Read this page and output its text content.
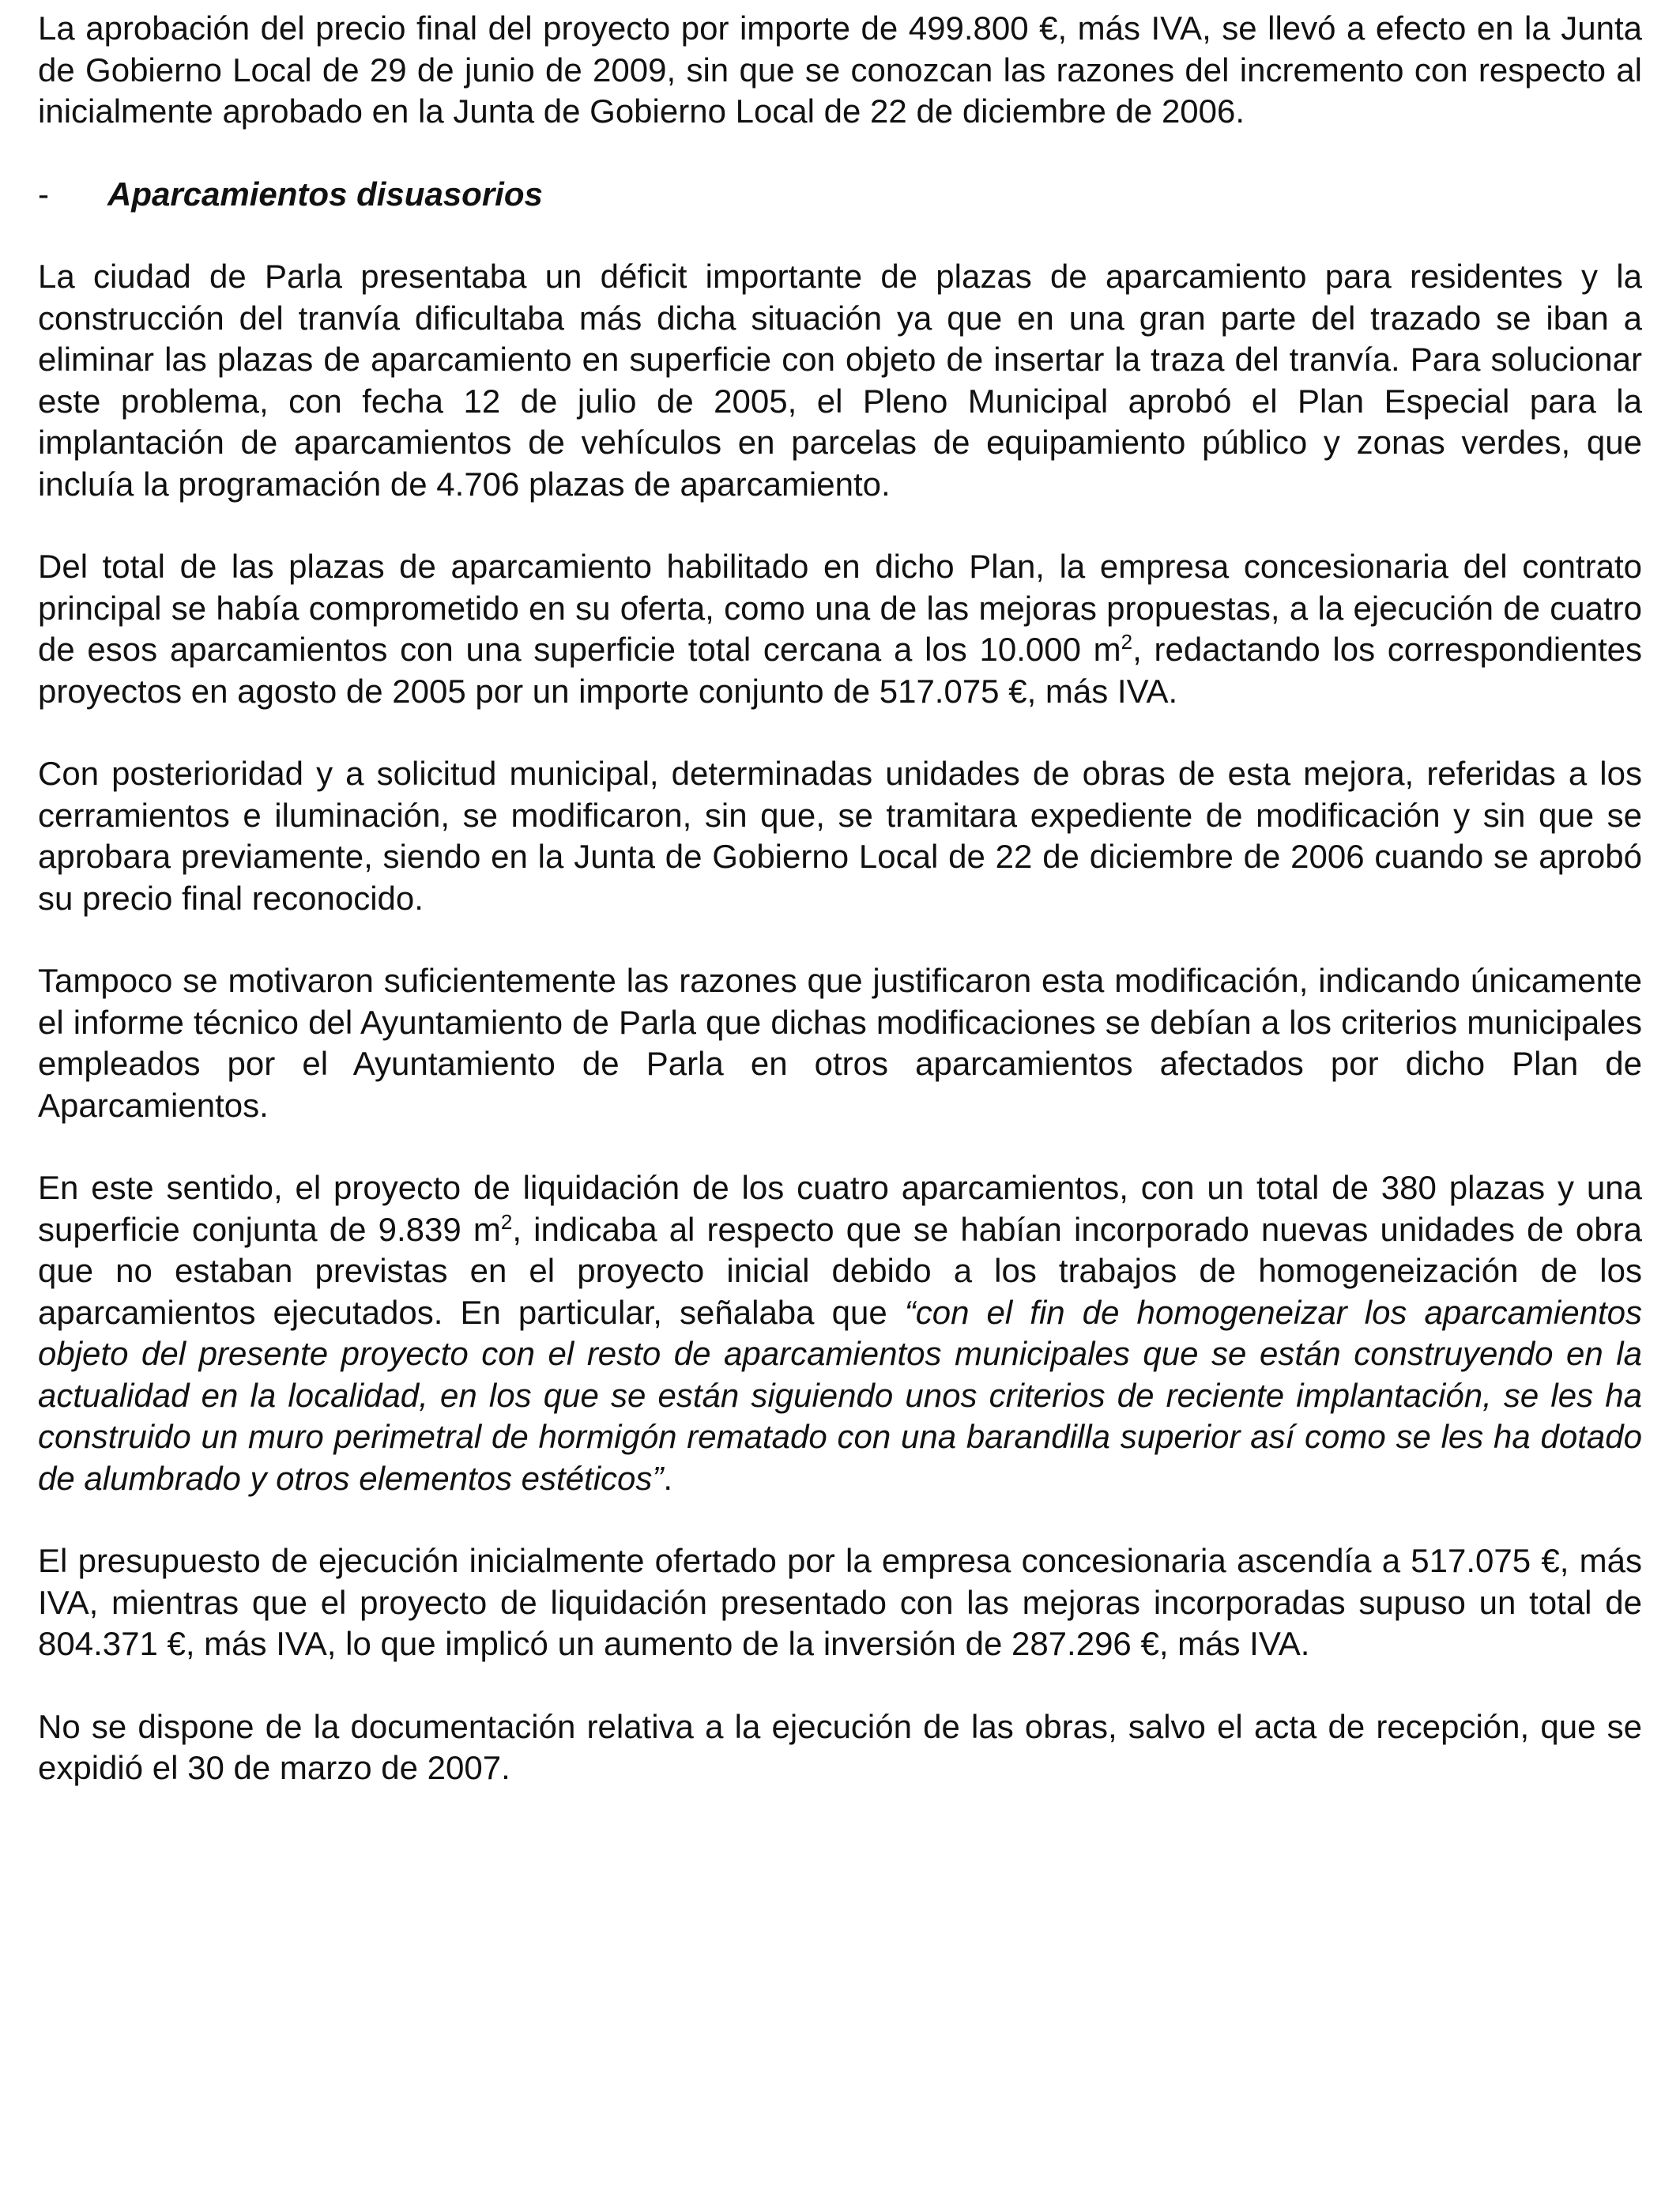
La aprobación del precio final del proyecto por importe de 499.800 €, más IVA, se llevó a efecto en la Junta de Gobierno Local de 29 de junio de 2009, sin que se conozcan las razones del incremento con respecto al inicialmente aprobado en la Junta de Gobierno Local de 22 de diciembre de 2006.

-	Aparcamientos disuasorios

La ciudad de Parla presentaba un déficit importante de plazas de aparcamiento para residentes y la construcción del tranvía dificultaba más dicha situación ya que en una gran parte del trazado se iban a eliminar las plazas de aparcamiento en superficie con objeto de insertar la traza del tranvía. Para solucionar este problema, con fecha 12 de julio de 2005, el Pleno Municipal aprobó el Plan Especial para la implantación de aparcamientos de vehículos en parcelas de equipamiento público y zonas verdes, que incluía la programación de 4.706 plazas de aparcamiento.

Del total de las plazas de aparcamiento habilitado en dicho Plan, la empresa concesionaria del contrato principal se había comprometido en su oferta, como una de las mejoras propuestas, a la ejecución de cuatro de esos aparcamientos con una superficie total cercana a los 10.000 $m^2$, redactando los correspondientes proyectos en agosto de 2005 por un importe conjunto de 517.075 €, más IVA.

Con posterioridad y a solicitud municipal, determinadas unidades de obras de esta mejora, referidas a los cerramientos e iluminación, se modificaron, sin que, se tramitara expediente de modificación y sin que se aprobara previamente, siendo en la Junta de Gobierno Local de 22 de diciembre de 2006 cuando se aprobó su precio final reconocido.

Tampoco se motivaron suficientemente las razones que justificaron esta modificación, indicando únicamente el informe técnico del Ayuntamiento de Parla que dichas modificaciones se debían a los criterios municipales empleados por el Ayuntamiento de Parla en otros aparcamientos afectados por dicho Plan de Aparcamientos.

En este sentido, el proyecto de liquidación de los cuatro aparcamientos, con un total de 380 plazas y una superficie conjunta de 9.839 $m^2$, indicaba al respecto que se habían incorporado nuevas unidades de obra que no estaban previstas en el proyecto inicial debido a los trabajos de homogeneización de los aparcamientos ejecutados. En particular, señalaba que “con el fin de homogeneizar los aparcamientos objeto del presente proyecto con el resto de aparcamientos municipales que se están construyendo en la actualidad en la localidad, en los que se están siguiendo unos criterios de reciente implantación, se les ha construido un muro perimetral de hormigón rematado con una barandilla superior así como se les ha dotado de alumbrado y otros elementos estéticos”.

El presupuesto de ejecución inicialmente ofertado por la empresa concesionaria ascendía a 517.075 €, más IVA, mientras que el proyecto de liquidación presentado con las mejoras incorporadas supuso un total de 804.371 €, más IVA, lo que implicó un aumento de la inversión de 287.296 €, más IVA.

No se dispone de la documentación relativa a la ejecución de las obras, salvo el acta de recepción, que se expidió el 30 de marzo de 2007.
